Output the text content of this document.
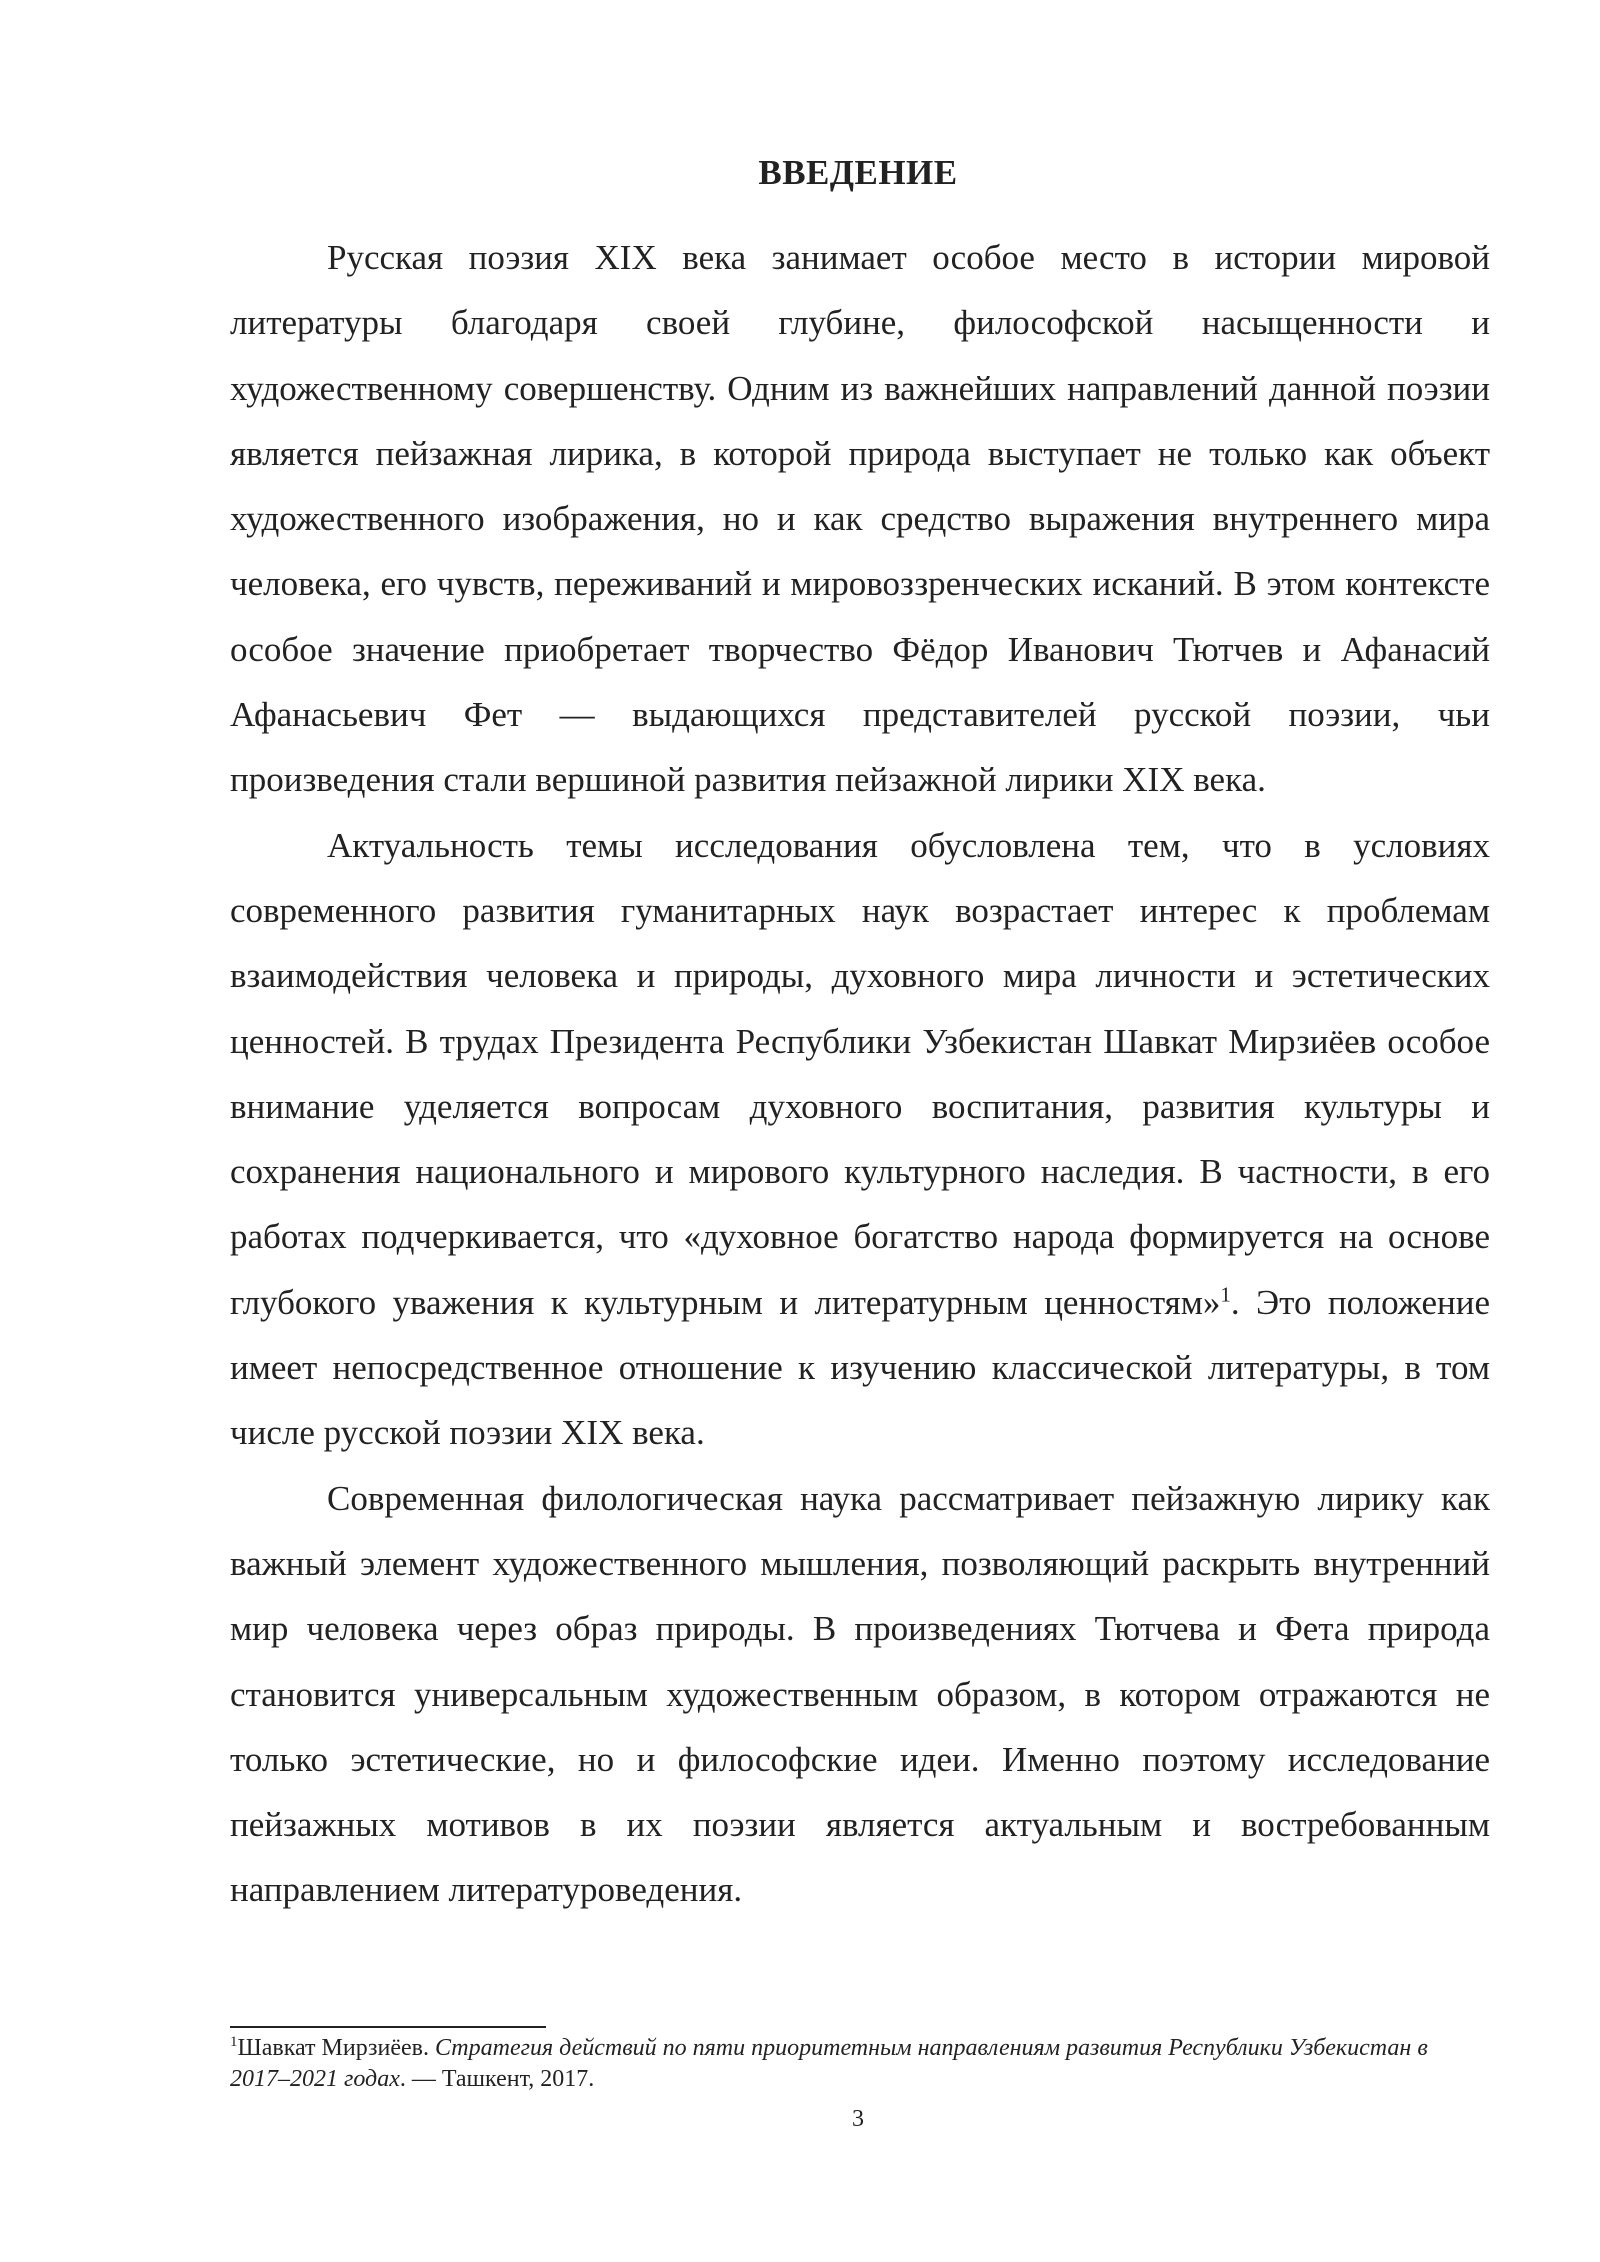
ВВЕДЕНИЕ

Русская поэзия XIX века занимает особое место в истории мировой литературы благодаря своей глубине, философской насыщенности и художественному совершенству. Одним из важнейших направлений данной поэзии является пейзажная лирика, в которой природа выступает не только как объект художественного изображения, но и как средство выражения внутреннего мира человека, его чувств, переживаний и мировоззренческих исканий. В этом контексте особое значение приобретает творчество Фёдор Иванович Тютчев и Афанасий Афанасьевич Фет — выдающихся представителей русской поэзии, чьи произведения стали вершиной развития пейзажной лирики XIX века.

Актуальность темы исследования обусловлена тем, что в условиях современного развития гуманитарных наук возрастает интерес к проблемам взаимодействия человека и природы, духовного мира личности и эстетических ценностей. В трудах Президента Республики Узбекистан Шавкат Мирзиёев особое внимание уделяется вопросам духовного воспитания, развития культуры и сохранения национального и мирового культурного наследия. В частности, в его работах подчеркивается, что «духовное богатство народа формируется на основе глубокого уважения к культурным и литературным ценностям»$^1$. Это положение имеет непосредственное отношение к изучению классической литературы, в том числе русской поэзии XIX века.

Современная филологическая наука рассматривает пейзажную лирику как важный элемент художественного мышления, позволяющий раскрыть внутренний мир человека через образ природы. В произведениях Тютчева и Фета природа становится универсальным художественным образом, в котором отражаются не только эстетические, но и философские идеи. Именно поэтому исследование пейзажных мотивов в их поэзии является актуальным и востребованным направлением литературоведения.

$^1$Шавкат Мирзиёев. Стратегия действий по пяти приоритетным направлениям развития Республики Узбекистан в 2017–2021 годах. — Ташкент, 2017.
3
